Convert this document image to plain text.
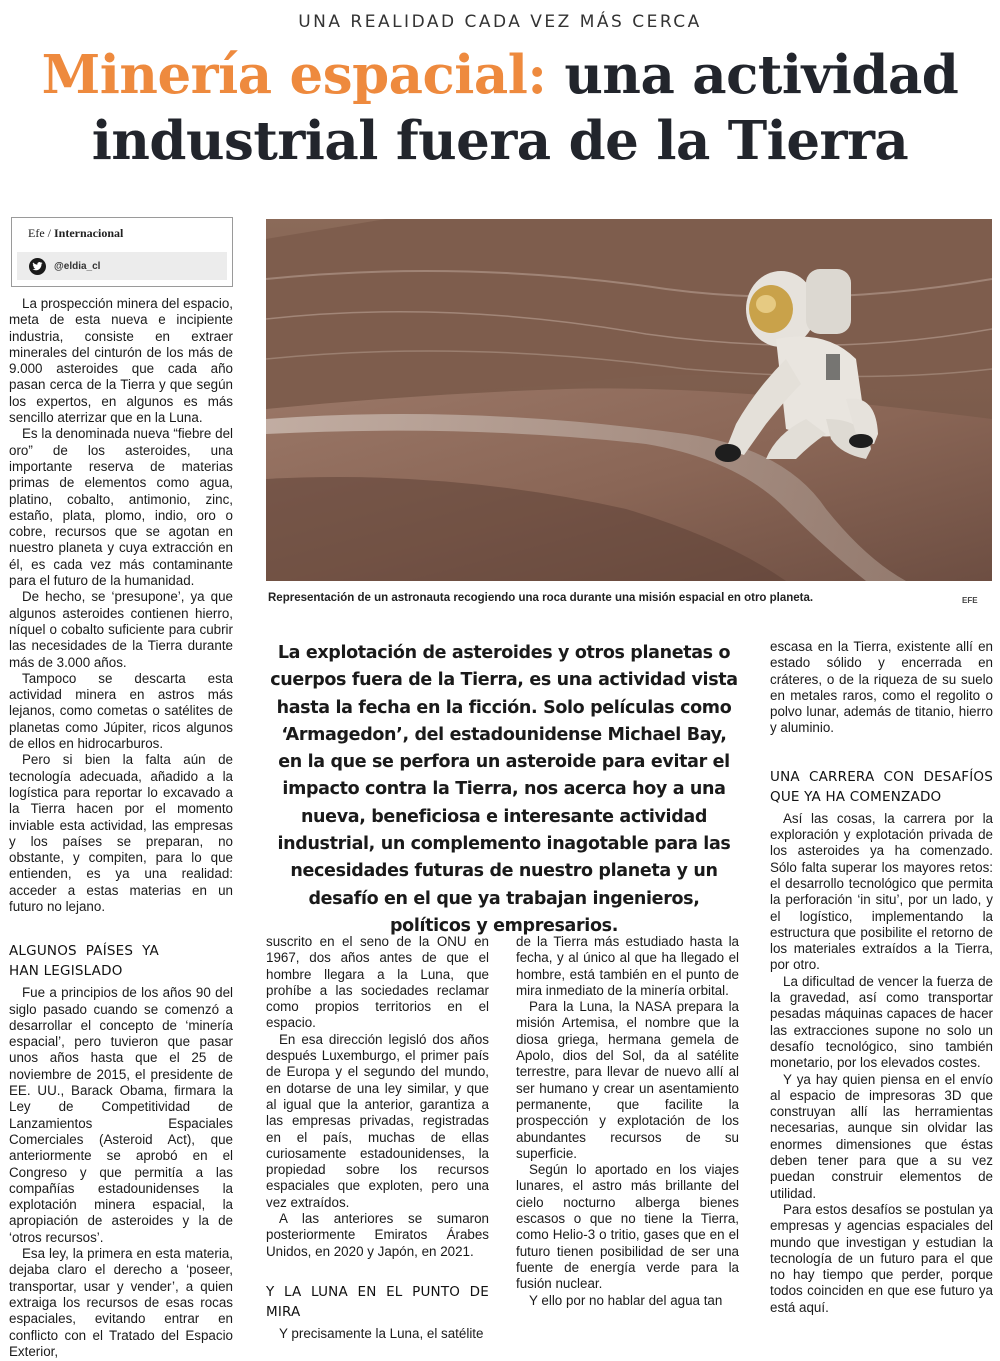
UNA REALIDAD CADA VEZ MÁS CERCA
Minería espacial: una actividad
industrial fuera de la Tierra
Efe / Internacional
@eldia_cl

La prospección minera del espacio, meta de esta nueva e incipiente industria, consiste en extraer minerales del cinturón de los más de 9.000 asteroides que cada año pasan cerca de la Tierra y que según los expertos, en algunos es más sencillo aterrizar que en la Luna.

Es la denominada nueva “fiebre del oro” de los asteroides, una importante reserva de materias primas de elementos como agua, platino, cobalto, antimonio, zinc, estaño, plata, plomo, indio, oro o cobre, recursos que se agotan en nuestro planeta y cuya extracción en él, es cada vez más contaminante para el futuro de la humanidad.

De hecho, se ‘presupone’, ya que algunos asteroides contienen hierro, níquel o cobalto suficiente para cubrir las necesidades de la Tierra durante más de 3.000 años.

Tampoco se descarta esta actividad minera en astros más lejanos, como cometas o satélites de planetas como Júpiter, ricos algunos de ellos en hidrocarburos.

Pero si bien la falta aún de tecnología adecuada, añadido a la logística para reportar lo excavado a la Tierra hacen por el momento inviable esta actividad, las empresas y los países se preparan, no obstante, y compiten, para lo que entienden, es ya una realidad: acceder a estas materias en un futuro no lejano.

ALGUNOS PAÍSES YA HAN LEGISLADO

Fue a principios de los años 90 del siglo pasado cuando se comenzó a desarrollar el concepto de ‘minería espacial’, pero tuvieron que pasar unos años hasta que el 25 de noviembre de 2015, el presidente de EE. UU., Barack Obama, firmara la Ley de Competitividad de Lanzamientos Espaciales Comerciales (Asteroid Act), que anteriormente se aprobó en el Congreso y que permitía a las compañías estadounidenses la explotación minera espacial, la apropiación de asteroides y la de ‘otros recursos’.

Esa ley, la primera en esta materia, dejaba claro el derecho a ‘poseer, transportar, usar y vender’, a quien extraiga los recursos de esas rocas espaciales, evitando entrar en conflicto con el Tratado del Espacio Exterior,

Representación de un astronauta recogiendo una roca durante una misión espacial en otro planeta.	EFE
La explotación de asteroides y otros planetas o cuerpos fuera de la Tierra, es una actividad vista hasta la fecha en la ficción. Solo películas como ‘Armagedon’, del estadounidense Michael Bay, en la que se perfora un asteroide para evitar el impacto contra la Tierra, nos acerca hoy a una nueva, beneficiosa e interesante actividad industrial, un complemento inagotable para las necesidades futuras de nuestro planeta y un desafío en el que ya trabajan ingenieros, políticos y empresarios.

suscrito en el seno de la ONU en 1967, dos años antes de que el hombre llegara a la Luna, que prohíbe a las sociedades reclamar como propios territorios en el espacio.

En esa dirección legisló dos años después Luxemburgo, el primer país de Europa y el segundo del mundo, en dotarse de una ley similar, y que al igual que la anterior, garantiza a las empresas privadas, registradas en el país, muchas de ellas curiosamente estadounidenses, la propiedad sobre los recursos espaciales que exploten, pero una vez extraídos.

A las anteriores se sumaron posteriormente Emiratos Árabes Unidos, en 2020 y Japón, en 2021.

Y LA LUNA EN EL PUNTO DE MIRA

Y precisamente la Luna, el satélite

de la Tierra más estudiado hasta la fecha, y al único al que ha llegado el hombre, está también en el punto de mira inmediato de la minería orbital.

Para la Luna, la NASA prepara la misión Artemisa, el nombre que la diosa griega, hermana gemela de Apolo, dios del Sol, da al satélite terrestre, para llevar de nuevo allí al ser humano y crear un asentamiento permanente, que facilite la prospección y explotación de los abundantes recursos de su superficie.

Según lo aportado en los viajes lunares, el astro más brillante del cielo nocturno alberga bienes escasos o que no tiene la Tierra, como Helio-3 o tritio, gases que en el futuro tienen posibilidad de ser una fuente de energía verde para la fusión nuclear.

Y ello por no hablar del agua tan

escasa en la Tierra, existente allí en estado sólido y encerrada en cráteres, o de la riqueza de su suelo en metales raros, como el regolito o polvo lunar, además de titanio, hierro y aluminio.

UNA CARRERA CON DESAFÍOS QUE YA HA COMENZADO

Así las cosas, la carrera por la exploración y explotación privada de los asteroides ya ha comenzado. Sólo falta superar los mayores retos: el desarrollo tecnológico que permita la perforación ‘in situ’, por un lado, y el logístico, implementando la estructura que posibilite el retorno de los materiales extraídos a la Tierra, por otro.

La dificultad de vencer la fuerza de la gravedad, así como transportar pesadas máquinas capaces de hacer las extracciones supone no solo un desafío tecnológico, sino también monetario, por los elevados costes.

Y ya hay quien piensa en el envío al espacio de impresoras 3D que construyan allí las herramientas necesarias, aunque sin olvidar las enormes dimensiones que éstas deben tener para que a su vez puedan construir elementos de utilidad.

Para estos desafíos se postulan ya empresas y agencias espaciales del mundo que investigan y estudian la tecnología de un futuro para el que no hay tiempo que perder, porque todos coinciden en que ese futuro ya está aquí.
